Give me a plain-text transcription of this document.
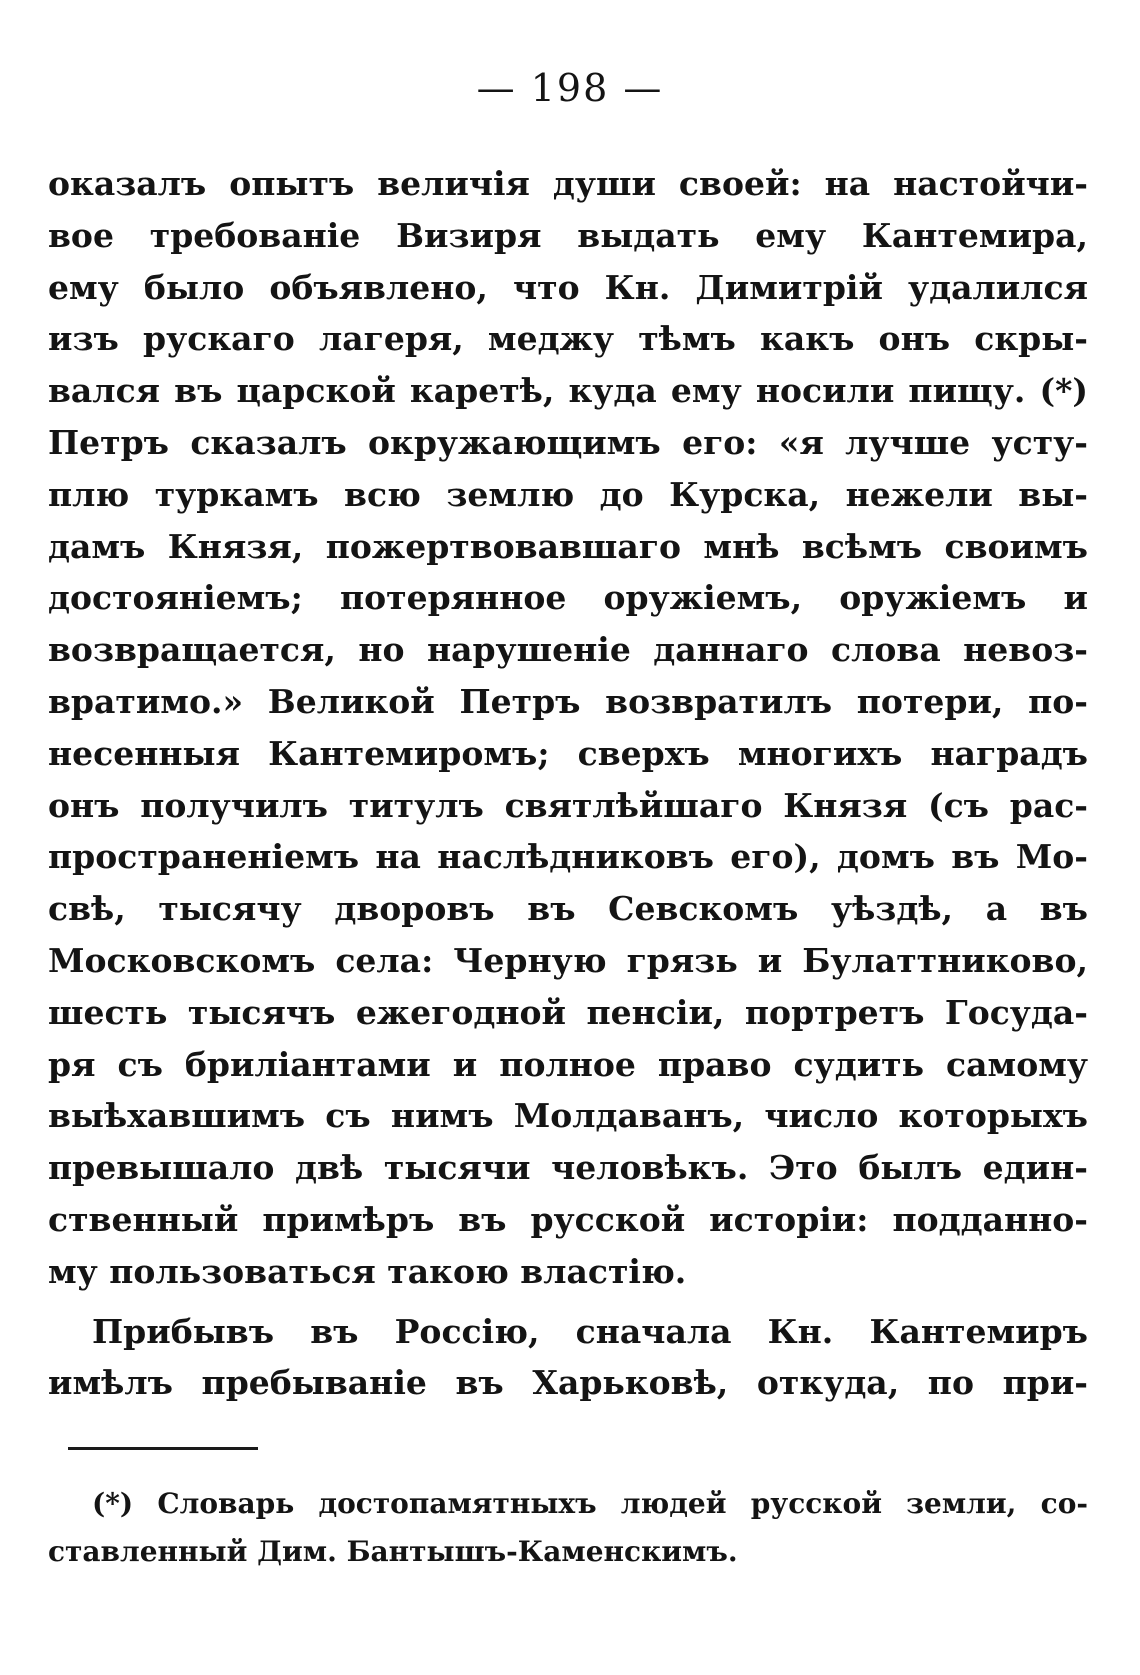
— 198 —
оказалъ опытъ величія души своей: на настойчи-
вое требованіе Визиря выдать ему Кантемира,
ему было объявлено, что Кн. Димитрій удалился
изъ рускаго лагеря, меджу тѣмъ какъ онъ скры-
вался въ царской каретѣ, куда ему носили пищу. (*)
Петръ сказалъ окружающимъ его: «я лучше усту-
плю туркамъ всю землю до Курска, нежели вы-
дамъ Князя, пожертвовавшаго мнѣ всѣмъ своимъ
достояніемъ; потерянное оружіемъ, оружіемъ и
возвращается, но нарушеніе даннаго слова невоз-
вратимо.» Великой Петръ возвратилъ потери, по-
несенныя Кантемиромъ; сверхъ многихъ наградъ
онъ получилъ титулъ святлѣйшаго Князя (съ рас-
пространеніемъ на наслѣдниковъ его), домъ въ Мо-
свѣ, тысячу дворовъ въ Севскомъ уѣздѣ, а въ
Московскомъ села: Черную грязь и Булаттниково,
шесть тысячъ ежегодной пенсіи, портретъ Госуда-
ря съ бриліантами и полное право судить самому
выѣхавшимъ съ нимъ Молдаванъ, число которыхъ
превышало двѣ тысячи человѣкъ. Это былъ един-
ственный примѣръ въ русской исторіи: подданно-
му пользоваться такою властію.
Прибывъ въ Россію, сначала Кн. Кантемиръ
имѣлъ пребываніе въ Харьковѣ, откуда, по при-
(*) Словарь достопамятныхъ людей русской земли, со-
ставленный Дим. Бантышъ-Каменскимъ.
